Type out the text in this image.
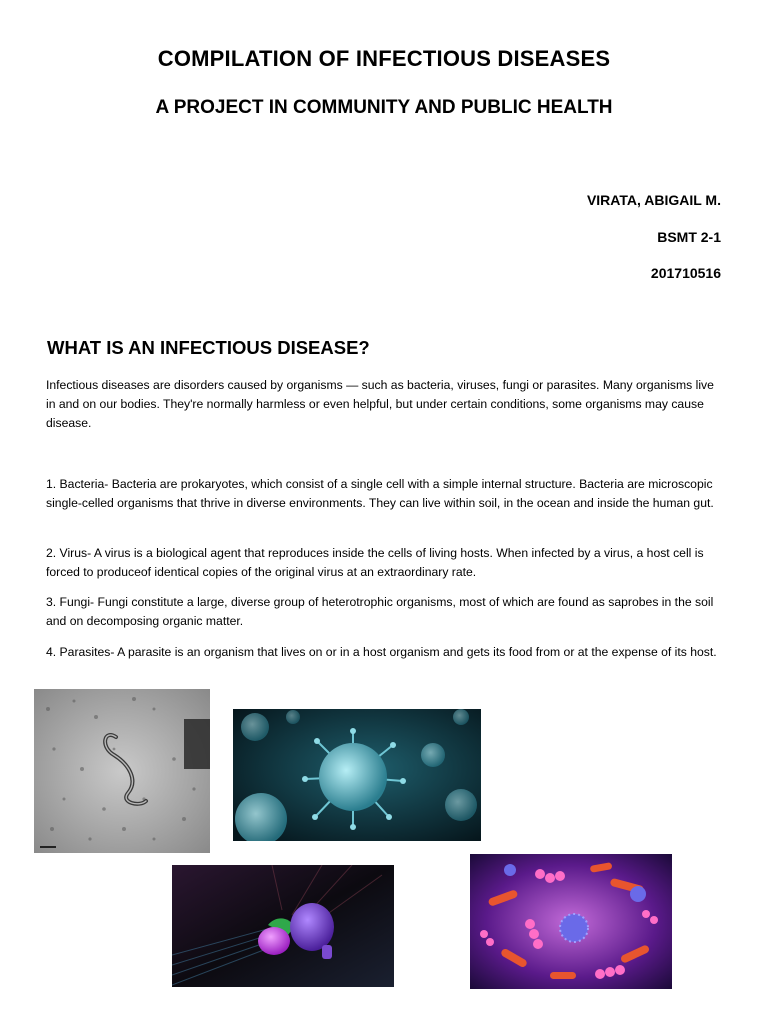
COMPILATION OF INFECTIOUS DISEASES
A PROJECT IN COMMUNITY AND PUBLIC HEALTH
VIRATA, ABIGAIL M.
BSMT 2-1
201710516
WHAT IS AN INFECTIOUS DISEASE?
Infectious diseases are disorders caused by organisms — such as bacteria, viruses, fungi or parasites. Many organisms live in and on our bodies. They're normally harmless or even helpful, but under certain conditions, some organisms may cause disease.
1. Bacteria- Bacteria are prokaryotes, which consist of a single cell with a simple internal structure. Bacteria are microscopic single-celled organisms that thrive in diverse environments. They can live within soil, in the ocean and inside the human gut.
2. Virus- A virus is a biological agent that reproduces inside the cells of living hosts. When infected by a virus, a host cell is forced to produceof identical copies of the original virus at an extraordinary rate.
3. Fungi- Fungi constitute a large, diverse group of heterotrophic organisms, most of which are found as saprobes in the soil and on decomposing organic matter.
4. Parasites- A parasite is an organism that lives on or in a host organism and gets its food from or at the expense of its host.
